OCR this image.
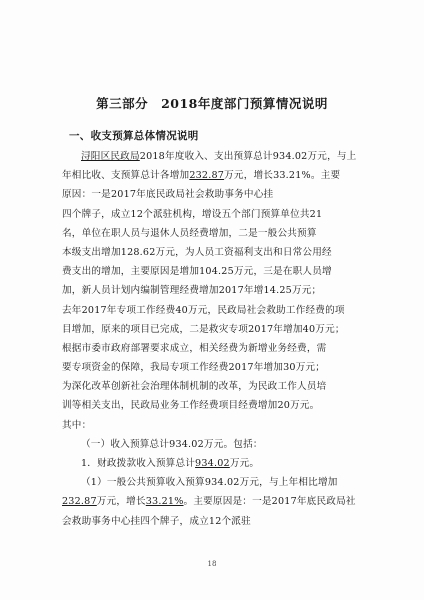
第三部分　2018年度部门预算情况说明
一、收支预算总体情况说明
浔阳区民政局2018年度收入、支出预算总计934.02万元，与上
年相比收、支预算总计各增加232.87万元，增长33.21%。主要
原因：一是2017年底民政局社会救助事务中心挂
四个牌子，成立12个派驻机构，增设五个部门预算单位共21
名，单位在职人员与退休人员经费增加，二是一般公共预算
本级支出增加128.62万元，为人员工资福利支出和日常公用经
费支出的增加，主要原因是增加104.25万元，三是在职人员增
加，新人员计划内编制管理经费增加2017年增14.25万元；
去年2017年专项工作经费40万元，民政局社会救助工作经费的项
目增加，原来的项目已完成，二是救灾专项2017年增加40万元；
根据市委市政府部署要求成立，相关经费为新增业务经费，需
要专项资金的保障，我局专项工作经费2017年增加30万元；
为深化改革创新社会治理体制机制的改革，为民政工作人员培
训等相关支出，民政局业务工作经费项目经费增加20万元。
其中：
（一）收入预算总计934.02万元。包括：
1．财政拨款收入预算总计934.02万元。
（1）一般公共预算收入预算934.02万元，与上年相比增加
232.87万元，增长33.21%。主要原因是：一是2017年底民政局社
会救助事务中心挂四个牌子，成立12个派驻
18
